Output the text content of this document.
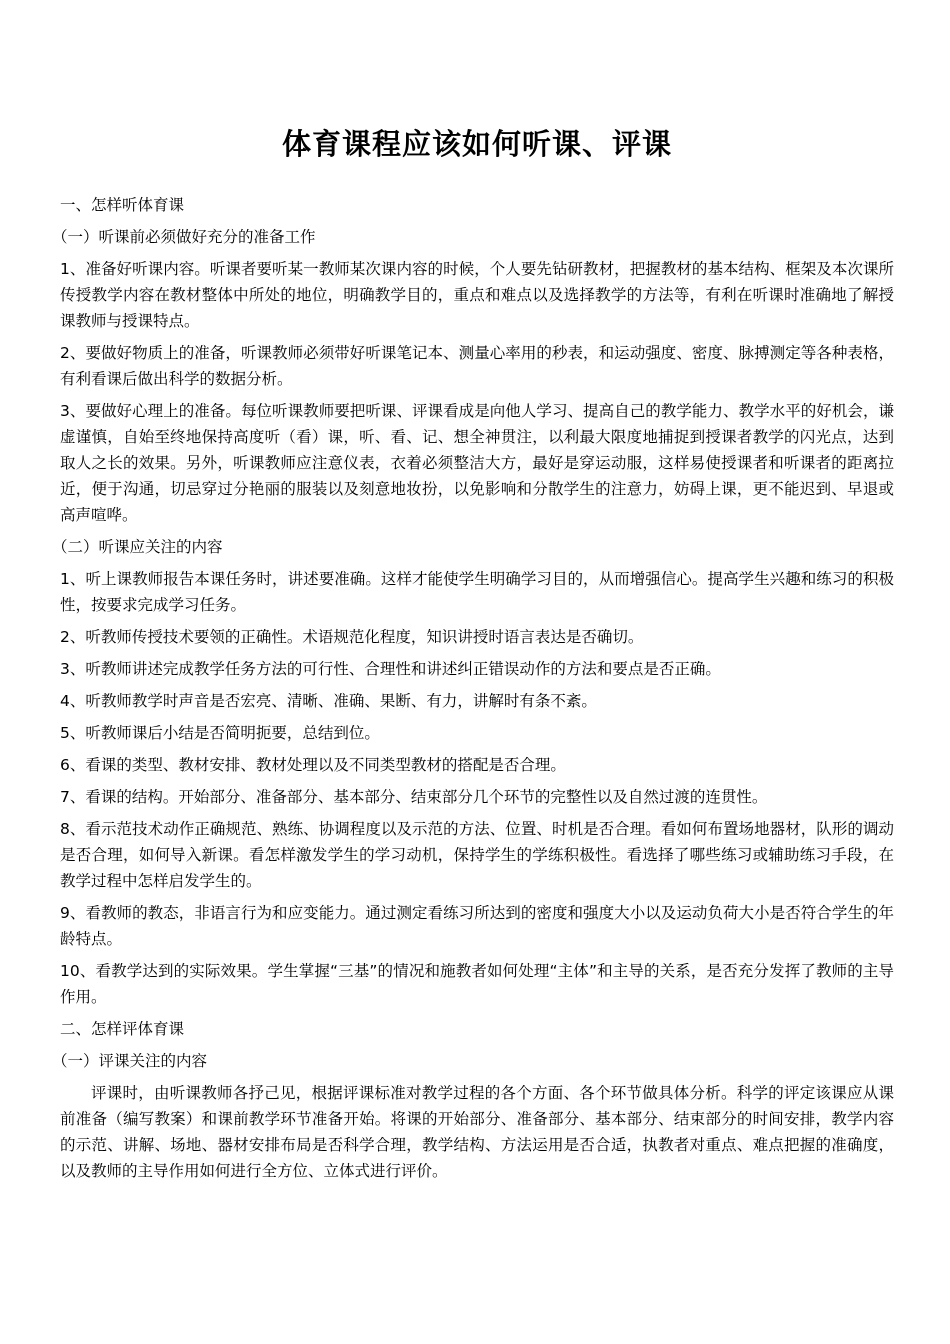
体育课程应该如何听课、评课

一、怎样听体育课

（一）听课前必须做好充分的准备工作

1、准备好听课内容。听课者要听某一教师某次课内容的时候，个人要先钻研教材，把握教材的基本结构、框架及本次课所传授教学内容在教材整体中所处的地位，明确教学目的，重点和难点以及选择教学的方法等，有利在听课时准确地了解授课教师与授课特点。

2、要做好物质上的准备，听课教师必须带好听课笔记本、测量心率用的秒表，和运动强度、密度、脉搏测定等各种表格，有利看课后做出科学的数据分析。

3、要做好心理上的准备。每位听课教师要把听课、评课看成是向他人学习、提高自己的教学能力、教学水平的好机会，谦虚谨慎，自始至终地保持高度听（看）课，听、看、记、想全神贯注，以利最大限度地捕捉到授课者教学的闪光点，达到取人之长的效果。另外，听课教师应注意仪表，衣着必须整洁大方，最好是穿运动服，这样易使授课者和听课者的距离拉近，便于沟通，切忌穿过分艳丽的服装以及刻意地妆扮，以免影响和分散学生的注意力，妨碍上课，更不能迟到、早退或高声喧哗。

（二）听课应关注的内容

1、听上课教师报告本课任务时，讲述要准确。这样才能使学生明确学习目的，从而增强信心。提高学生兴趣和练习的积极性，按要求完成学习任务。

2、听教师传授技术要领的正确性。术语规范化程度，知识讲授时语言表达是否确切。

3、听教师讲述完成教学任务方法的可行性、合理性和讲述纠正错误动作的方法和要点是否正确。

4、听教师教学时声音是否宏亮、清晰、准确、果断、有力，讲解时有条不紊。

5、听教师课后小结是否简明扼要，总结到位。

6、看课的类型、教材安排、教材处理以及不同类型教材的搭配是否合理。

7、看课的结构。开始部分、准备部分、基本部分、结束部分几个环节的完整性以及自然过渡的连贯性。

8、看示范技术动作正确规范、熟练、协调程度以及示范的方法、位置、时机是否合理。看如何布置场地器材，队形的调动是否合理，如何导入新课。看怎样激发学生的学习动机，保持学生的学练积极性。看选择了哪些练习或辅助练习手段，在教学过程中怎样启发学生的。

9、看教师的教态，非语言行为和应变能力。通过测定看练习所达到的密度和强度大小以及运动负荷大小是否符合学生的年龄特点。

10、看教学达到的实际效果。学生掌握“三基”的情况和施教者如何处理“主体”和主导的关系，是否充分发挥了教师的主导作用。

二、怎样评体育课

（一）评课关注的内容

评课时，由听课教师各抒己见，根据评课标准对教学过程的各个方面、各个环节做具体分析。科学的评定该课应从课前准备（编写教案）和课前教学环节准备开始。将课的开始部分、准备部分、基本部分、结束部分的时间安排，教学内容的示范、讲解、场地、器材安排布局是否科学合理，教学结构、方法运用是否合适，执教者对重点、难点把握的准确度，以及教师的主导作用如何进行全方位、立体式进行评价。
